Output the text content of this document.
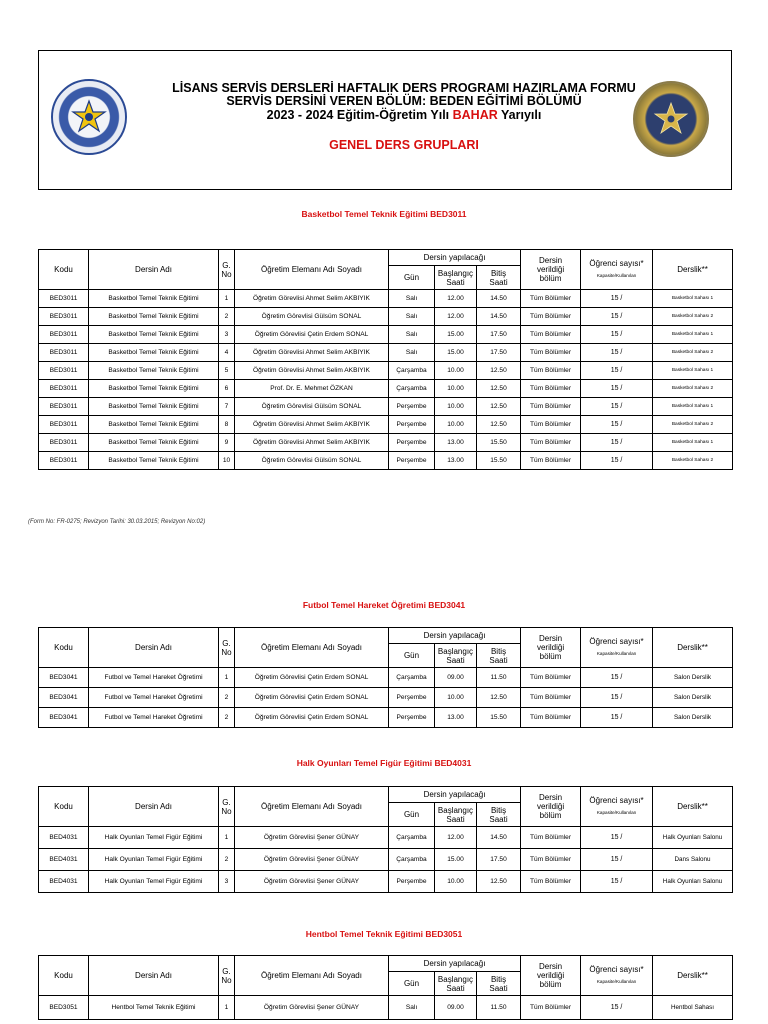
LİSANS SERVİS DERSLERİ HAFTALIK DERS PROGRAMI HAZIRLAMA FORMU
SERVİS DERSİNİ VEREN BÖLÜM: BEDEN EĞİTİMİ BÖLÜMÜ
2023 - 2024 Eğitim-Öğretim Yılı BAHAR Yarıyılı
GENEL DERS GRUPLARI
Basketbol Temel Teknik Eğitimi BED3011
Futbol Temel Hareket Öğretimi BED3041
Halk Oyunları Temel Figür Eğitimi BED4031
Hentbol Temel Teknik Eğitimi BED3051
(Form No: FR-0275; Revizyon Tarihi: 30.03.2015; Revizyon No:02)
Kodu	Dersin Adı	G.
No	Öğretim Elemanı Adı Soyadı	Dersin yapılacağı			Dersin
verildiği
bölüm	Öğrenci sayısı*
Kapasite/Kullanılan	Derslik**
				Gün	Başlangıç
Saati	Bitiş
Saati			
BED3011	Basketbol Temel Teknik Eğitimi	1	Öğretim Görevlisi Ahmet Selim AKBIYIK	Salı	12.00	14.50	Tüm Bölümler	15 /	Basketbol Sahası 1
BED3011	Basketbol Temel Teknik Eğitimi	2	Öğretim Görevlisi Gülsüm SONAL	Salı	12.00	14.50	Tüm Bölümler	15 /	Basketbol Sahası 2
BED3011	Basketbol Temel Teknik Eğitimi	3	Öğretim Görevlisi Çetin Erdem SONAL	Salı	15.00	17.50	Tüm Bölümler	15 /	Basketbol Sahası 1
BED3011	Basketbol Temel Teknik Eğitimi	4	Öğretim Görevlisi Ahmet Selim AKBIYIK	Salı	15.00	17.50	Tüm Bölümler	15 /	Basketbol Sahası 2
BED3011	Basketbol Temel Teknik Eğitimi	5	Öğretim Görevlisi Ahmet Selim AKBIYIK	Çarşamba	10.00	12.50	Tüm Bölümler	15 /	Basketbol Sahası 1
BED3011	Basketbol Temel Teknik Eğitimi	6	Prof. Dr. E. Mehmet ÖZKAN	Çarşamba	10.00	12.50	Tüm Bölümler	15 /	Basketbol Sahası 2
BED3011	Basketbol Temel Teknik Eğitimi	7	Öğretim Görevlisi Gülsüm SONAL	Perşembe	10.00	12.50	Tüm Bölümler	15 /	Basketbol Sahası 1
BED3011	Basketbol Temel Teknik Eğitimi	8	Öğretim Görevlisi Ahmet Selim AKBIYIK	Perşembe	10.00	12.50	Tüm Bölümler	15 /	Basketbol Sahası 2
BED3011	Basketbol Temel Teknik Eğitimi	9	Öğretim Görevlisi Ahmet Selim AKBIYIK	Perşembe	13.00	15.50	Tüm Bölümler	15 /	Basketbol Sahası 1
BED3011	Basketbol Temel Teknik Eğitimi	10	Öğretim Görevlisi Gülsüm SONAL	Perşembe	13.00	15.50	Tüm Bölümler	15 /	Basketbol Sahası 2
Kodu	Dersin Adı	G.
No	Öğretim Elemanı Adı Soyadı	Dersin yapılacağı			Dersin
verildiği
bölüm	Öğrenci sayısı*
Kapasite/Kullanılan	Derslik**
				Gün	Başlangıç
Saati	Bitiş
Saati			
BED3041	Futbol ve Temel Hareket Öğretimi	1	Öğretim Görevlisi Çetin Erdem SONAL	Çarşamba	09.00	11.50	Tüm Bölümler	15 /	Salon Derslik
BED3041	Futbol ve Temel Hareket Öğretimi	2	Öğretim Görevlisi Çetin Erdem SONAL	Perşembe	10.00	12.50	Tüm Bölümler	15 /	Salon Derslik
BED3041	Futbol ve Temel Hareket Öğretimi	2	Öğretim Görevlisi Çetin Erdem SONAL	Perşembe	13.00	15.50	Tüm Bölümler	15 /	Salon Derslik
Kodu	Dersin Adı	G.
No	Öğretim Elemanı Adı Soyadı	Dersin yapılacağı			Dersin
verildiği
bölüm	Öğrenci sayısı*
Kapasite/Kullanılan	Derslik**
				Gün	Başlangıç
Saati	Bitiş
Saati			
BED4031	Halk Oyunları Temel Figür Eğitimi	1	Öğretim Görevlisi Şener GÜNAY	Çarşamba	12.00	14.50	Tüm Bölümler	15 /	Halk Oyunları Salonu
BED4031	Halk Oyunları Temel Figür Eğitimi	2	Öğretim Görevlisi Şener GÜNAY	Çarşamba	15.00	17.50	Tüm Bölümler	15 /	Dans Salonu
BED4031	Halk Oyunları Temel Figür Eğitimi	3	Öğretim Görevlisi Şener GÜNAY	Perşembe	10.00	12.50	Tüm Bölümler	15 /	Halk Oyunları Salonu
Kodu	Dersin Adı	G.
No	Öğretim Elemanı Adı Soyadı	Dersin yapılacağı			Dersin
verildiği
bölüm	Öğrenci sayısı*
Kapasite/Kullanılan	Derslik**
				Gün	Başlangıç
Saati	Bitiş
Saati			
BED3051	Hentbol Temel Teknik Eğitimi	1	Öğretim Görevlisi Şener GÜNAY	Salı	09.00	11.50	Tüm Bölümler	15 /	Hentbol Sahası
